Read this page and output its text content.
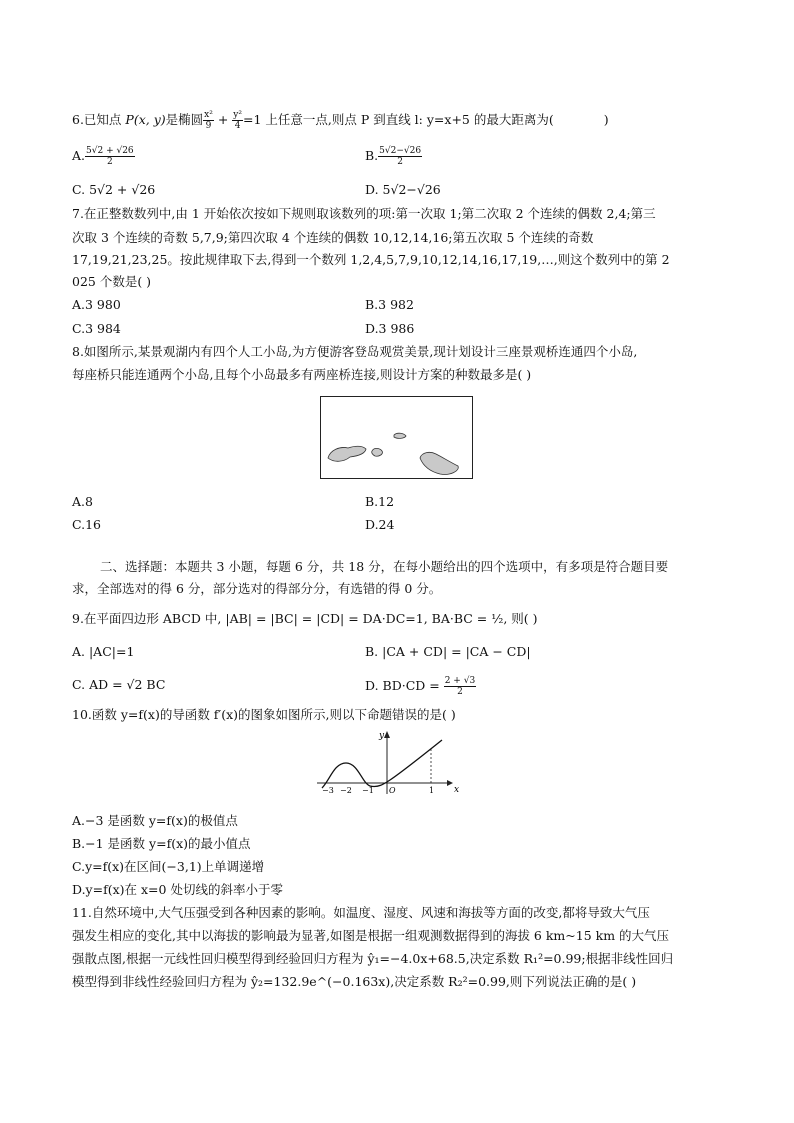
6.已知点 P(x, y)是椭圆 $\frac{\text{x²}}{9} + \frac{\text{y²}}{4} =1$ 上任意一点,则点 P 到直线 l: y=x+5 的最大距离为(	)
A. $\frac{5√2 + √26}{2}$	B. $\frac{5√2-√26}{2}$
C. 5√2 + √26	D. 5√2−√26
7.在正整数数列中,由 1 开始依次按如下规则取该数列的项:第一次取 1;第二次取 2 个连续的偶数 2,4;第三
次取 3 个连续的奇数 5,7,9;第四次取 4 个连续的偶数 10,12,14,16;第五次取 5 个连续的奇数
17,19,21,23,25。按此规律取下去,得到一个数列 1,2,4,5,7,9,10,12,14,16,17,19,…,则这个数列中的第 2
025 个数是( )
A.3 980	B.3 982
C.3 984	D.3 986
8.如图所示,某景观湖内有四个人工小岛,为方便游客登岛观赏美景,现计划设计三座景观桥连通四个小岛,
每座桥只能连通两个小岛,且每个小岛最多有两座桥连接,则设计方案的种数最多是( )
A.8	B.12
C.16	D.24
二、选择题：本题共 3 小题，每题 6 分，共 18 分，在每小题给出的四个选项中，有多项是符合题目要
求，全部选对的得 6 分，部分选对的得部分分，有选错的得 0 分。
9.在平面四边形 ABCD 中, |AB| = |BC| = |CD| = DA·DC=1, BA·BC = ½, 则( )
A. |AC|=1	B. |CA + CD| = |CA − CD|
C. AD = √2 BC	D. $BD\cdot CD = \frac{2 + √3}{2}$
10.函数 y=f(x)的导函数 f′(x)的图象如图所示,则以下命题错误的是( )
y
x
O
−3 −2 −1	1
A.−3 是函数 y=f(x)的极值点
B.−1 是函数 y=f(x)的最小值点
C.y=f(x)在区间(−3,1)上单调递增
D.y=f(x)在 x=0 处切线的斜率小于零
11.自然环境中,大气压强受到各种因素的影响。如温度、湿度、风速和海拔等方面的改变,都将导致大气压
强发生相应的变化,其中以海拔的影响最为显著,如图是根据一组观测数据得到的海拔 6 km~15 km 的大气压
强散点图,根据一元线性回归模型得到经验回归方程为 ŷ₁=−4.0x+68.5,决定系数 R₁²=0.99;根据非线性回归
模型得到非线性经验回归方程为 ŷ₂=132.9e^(−0.163x),决定系数 R₂²=0.99,则下列说法正确的是( )
